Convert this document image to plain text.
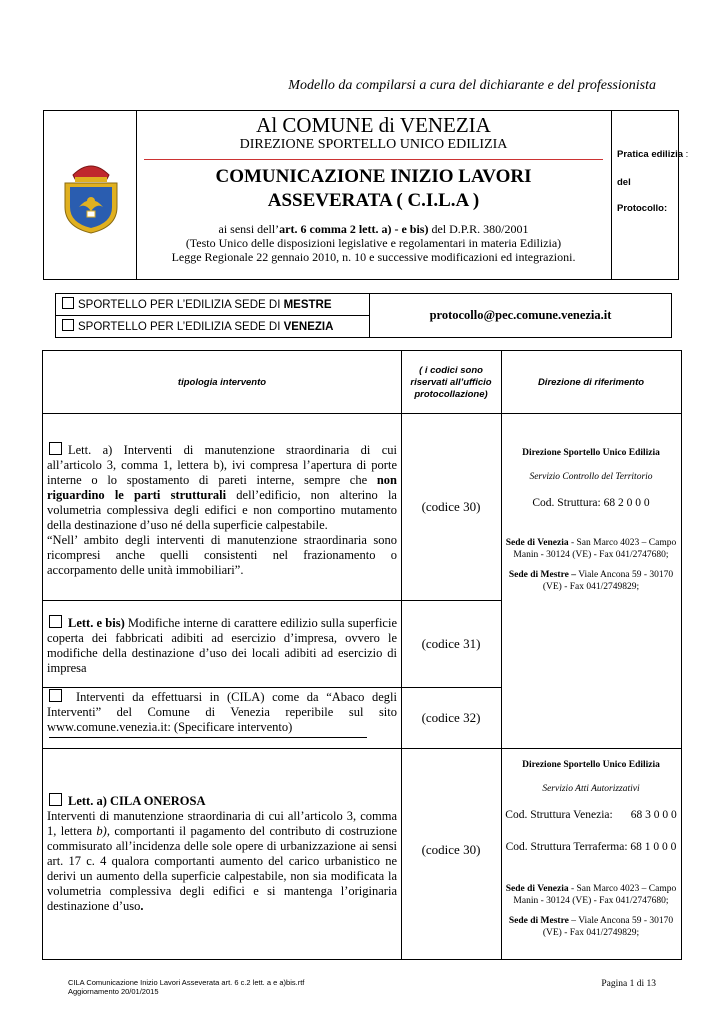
Modello da compilarsi a cura del dichiarante e del professionista
Al COMUNE di VENEZIA
DIREZIONE SPORTELLO UNICO EDILIZIA
COMUNICAZIONE INIZIO LAVORI
ASSEVERATA ( C.I.L.A )
ai sensi dell’art. 6 comma 2 lett. a) - e bis) del D.P.R. 380/2001
(Testo Unico delle disposizioni legislative e regolamentari in materia Edilizia)
Legge Regionale 22 gennaio 2010, n. 10 e successive modificazioni ed integrazioni.
Pratica edilizia :
del
Protocollo:
SPORTELLO PER L’EDILIZIA SEDE DI MESTRE
SPORTELLO PER L’EDILIZIA SEDE DI VENEZIA
protocollo@pec.comune.venezia.it
tipologia intervento
( i codici sono riservati all’ufficio protocollazione)
Direzione di riferimento
Lett. a) Interventi di manutenzione straordinaria di cui all’articolo 3, comma 1, lettera b), ivi compresa l’apertura di porte interne o lo spostamento di pareti interne, sempre che non riguardino le parti strutturali dell’edificio, non alterino la volumetria complessiva degli edifici e non comportino mutamento della destinazione d’uso né della superficie calpestabile.
“Nell’ ambito degli interventi di manutenzione straordinaria sono ricompresi anche quelli consistenti nel frazionamento o accorpamento delle unità immobiliari”.
(codice 30)
Lett. e bis) Modifiche interne di carattere edilizio sulla superficie coperta dei fabbricati adibiti ad esercizio d’impresa, ovvero le modifiche della destinazione d’uso dei locali adibiti ad esercizio di impresa
(codice 31)
Interventi da effettuarsi in (CILA) come da “Abaco degli Interventi” del Comune di Venezia reperibile sul sito www.comune.venezia.it: (Specificare intervento)
(codice 32)
Lett. a) CILA ONEROSA
Interventi di manutenzione straordinaria di cui all’articolo 3, comma 1, lettera b), comportanti il pagamento del contributo di costruzione commisurato all’incidenza delle sole opere di urbanizzazione ai sensi art. 17 c. 4 qualora comportanti aumento del carico urbanistico ne derivi un aumento della superficie calpestabile, non sia modificata la volumetria complessiva degli edifici e si mantenga l’originaria destinazione d’uso.
(codice 30)
Direzione Sportello Unico Edilizia
Servizio Controllo del Territorio
Cod. Struttura: 68 2 0 0 0
Sede di Venezia - San Marco 4023 – Campo Manin - 30124 (VE) - Fax 041/2747680;
Sede di Mestre – Viale Ancona 59 - 30170 (VE) - Fax 041/2749829;
Direzione Sportello Unico Edilizia
Servizio Atti Autorizzativi
Cod. Struttura Venezia: 68 3 0 0 0
Cod. Struttura Terraferma: 68 1 0 0 0
Sede di Venezia - San Marco 4023 – Campo Manin - 30124 (VE) - Fax 041/2747680;
Sede di Mestre – Viale Ancona 59 - 30170 (VE) - Fax 041/2749829;
CILA Comunicazione Inizio Lavori Asseverata art. 6 c.2 lett. a e a)bis.rtf
Aggiornamento 20/01/2015
Pagina 1 di 13
